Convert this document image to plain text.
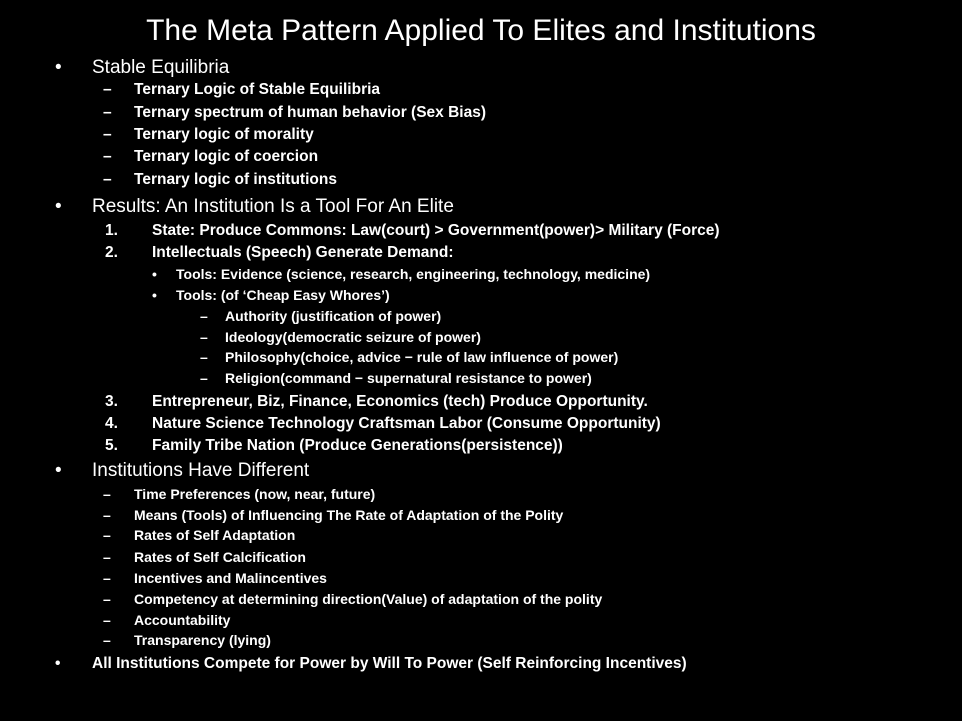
The Meta Pattern Applied To Elites and Institutions
• Stable Equilibria
– Ternary Logic of Stable Equilibria
– Ternary spectrum of human behavior (Sex Bias)
– Ternary logic of morality
– Ternary logic of coercion
– Ternary logic of institutions
• Results: An Institution Is a Tool For An Elite
1. State: Produce Commons: Law(court) > Government(power)> Military (Force)
2. Intellectuals (Speech) Generate Demand:
• Tools: Evidence (science, research, engineering, technology, medicine)
• Tools: (of ‘Cheap Easy Whores’)
– Authority (justification of power)
– Ideology(democratic seizure of power)
– Philosophy(choice, advice − rule of law influence of power)
– Religion(command − supernatural resistance to power)
3. Entrepreneur, Biz, Finance, Economics (tech) Produce Opportunity.
4. Nature Science Technology Craftsman Labor (Consume Opportunity)
5. Family Tribe Nation (Produce Generations(persistence))
• Institutions Have Different
– Time Preferences (now, near, future)
– Means (Tools) of Influencing The Rate of Adaptation of the Polity
– Rates of Self Adaptation
– Rates of Self Calcification
– Incentives and Malincentives
– Competency at determining direction(Value) of adaptation of the polity
– Accountability
– Transparency (lying)
• All Institutions Compete for Power by Will To Power (Self Reinforcing Incentives)
